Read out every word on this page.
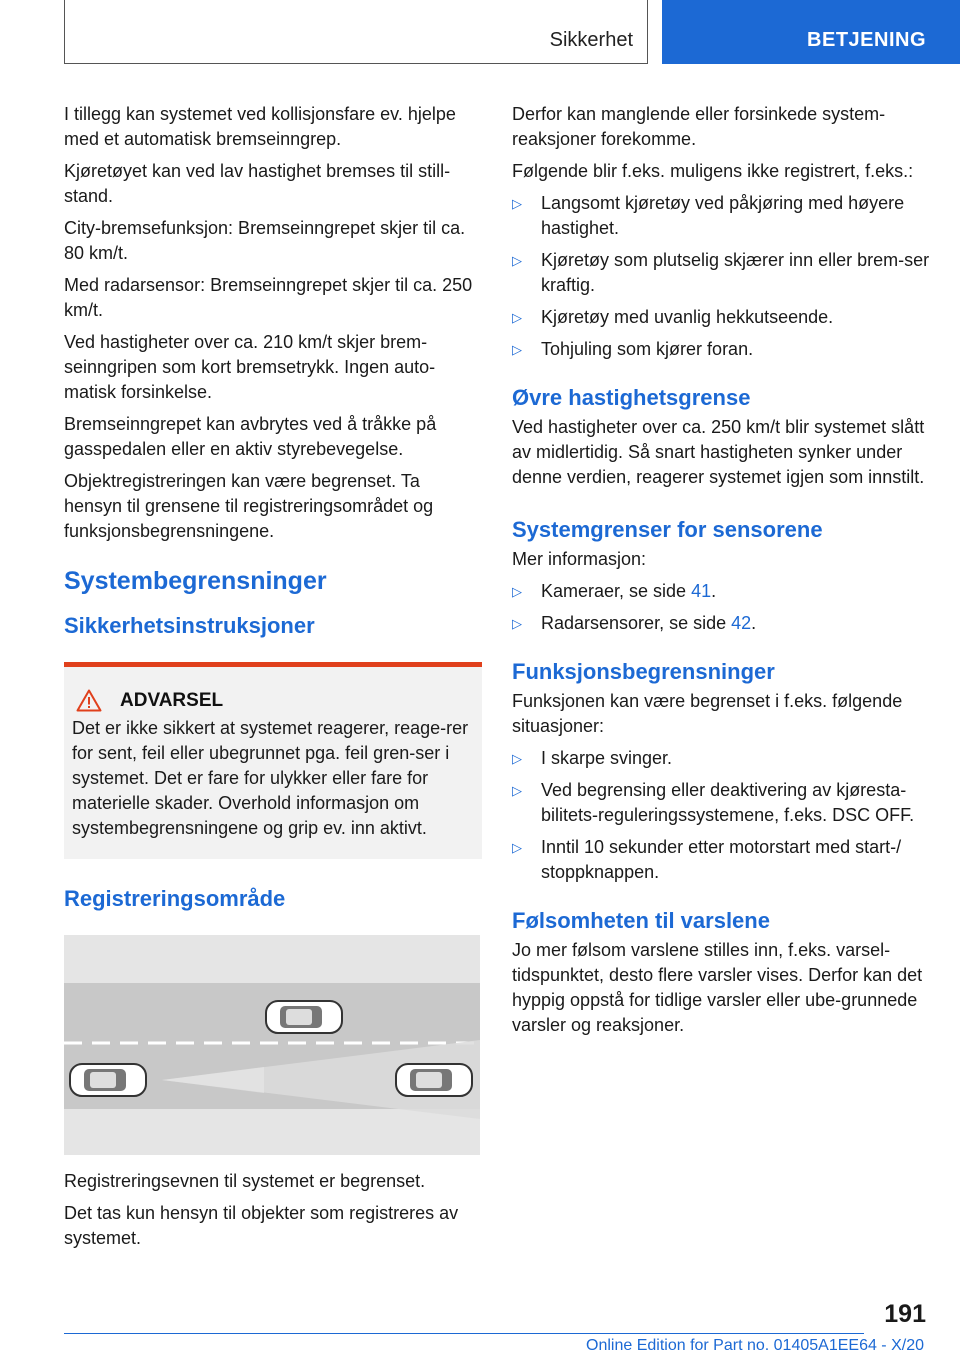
Sikkerhet	BETJENING

I tillegg kan systemet ved kollisjonsfare ev. hjelpe med et automatisk bremseinngrep.

Kjøretøyet kan ved lav hastighet bremses til still-stand.

City-bremsefunksjon: Bremseinngrepet skjer til ca. 80 km/t.

Med radarsensor: Bremseinngrepet skjer til ca. 250 km/t.

Ved hastigheter over ca. 210 km/t skjer brem-seinngripen som kort bremsetrykk. Ingen auto-matisk forsinkelse.

Bremseinngrepet kan avbrytes ved å tråkke på gasspedalen eller en aktiv styrebevegelse.

Objektregistreringen kan være begrenset. Ta hensyn til grensene til registreringsområdet og funksjonsbegrensningene.

Systembegrensninger
Sikkerhetsinstruksjoner
ADVARSEL

Det er ikke sikkert at systemet reagerer, reage-rer for sent, feil eller ubegrunnet pga. feil gren-ser i systemet. Det er fare for ulykker eller fare for materielle skader. Overhold informasjon om systembegrensningene og grip ev. inn aktivt.

Registreringsområde

Registreringsevnen til systemet er begrenset.

Det tas kun hensyn til objekter som registreres av systemet.

Derfor kan manglende eller forsinkede system-reaksjoner forekomme.

Følgende blir f.eks. muligens ikke registrert, f.eks.:

▷ Langsomt kjøretøy ved påkjøring med høyere hastighet.
▷ Kjøretøy som plutselig skjærer inn eller brem-ser kraftig.
▷ Kjøretøy med uvanlig hekkutseende.
▷ Tohjuling som kjører foran.
Øvre hastighetsgrense

Ved hastigheter over ca. 250 km/t blir systemet slått av midlertidig. Så snart hastigheten synker under denne verdien, reagerer systemet igjen som innstilt.

Systemgrenser for sensorene

Mer informasjon:

▷ Kameraer, se side 41.
▷ Radarsensorer, se side 42.
Funksjonsbegrensninger

Funksjonen kan være begrenset i f.eks. følgende situasjoner:

▷ I skarpe svinger.
▷ Ved begrensing eller deaktivering av kjøresta-bilitets-reguleringssystemene, f.eks. DSC OFF.
▷ Inntil 10 sekunder etter motorstart med start-/ stoppknappen.
Følsomheten til varslene

Jo mer følsom varslene stilles inn, f.eks. varsel-tidspunktet, desto flere varsler vises. Derfor kan det hyppig oppstå for tidlige varsler eller ube-grunnede varsler og reaksjoner.

191
Online Edition for Part no. 01405A1EE64 - X/20
